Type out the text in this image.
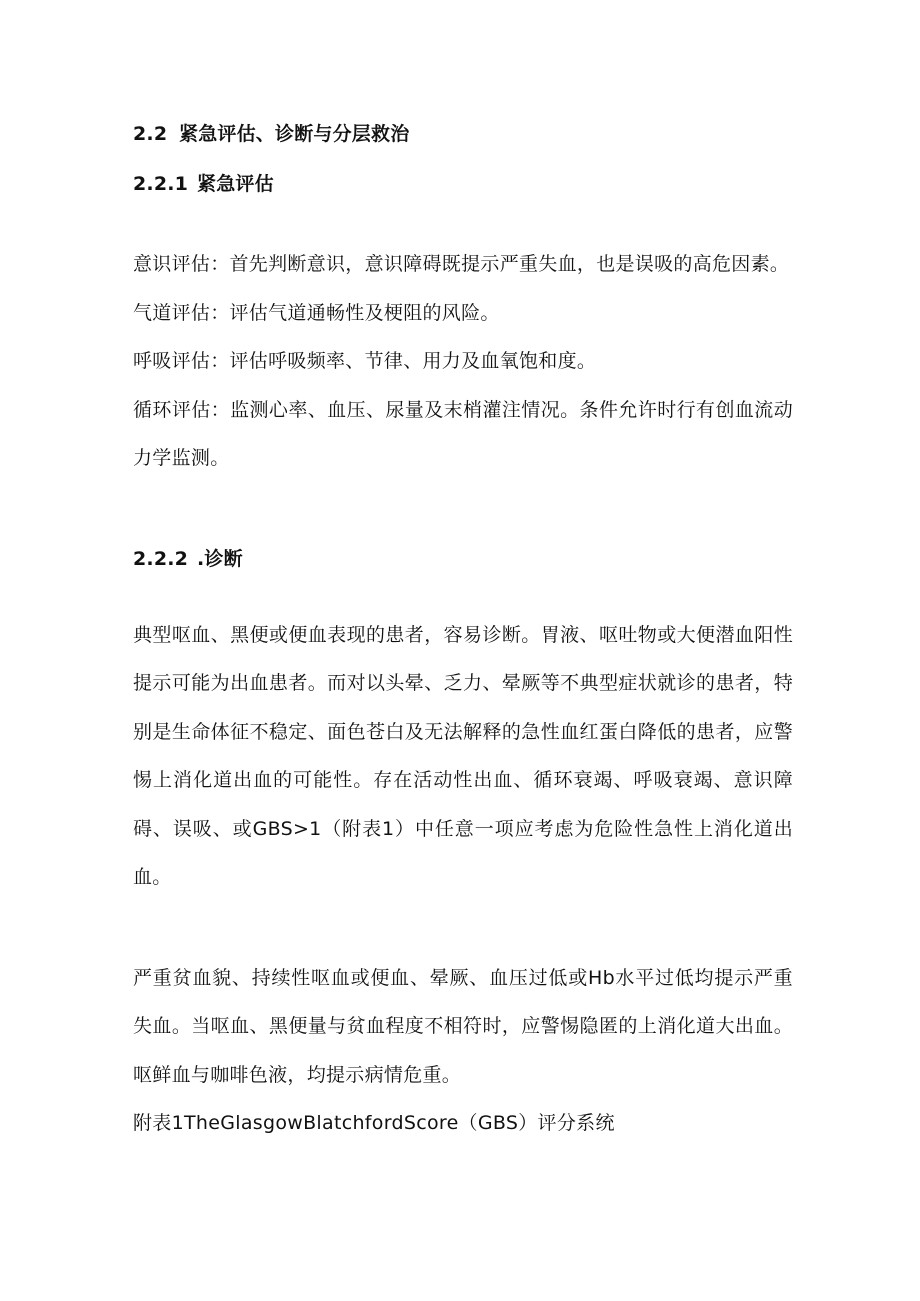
2.2 紧急评估、诊断与分层救治
2.2.1 紧急评估

意识评估：首先判断意识，意识障碍既提示严重失血，也是误吸的高危因素。

气道评估：评估气道通畅性及梗阻的风险。

呼吸评估：评估呼吸频率、节律、用力及血氧饱和度。

循环评估：监测心率、血压、尿量及末梢灌注情况。条件允许时行有创血流动力学监测。

2.2.2 .诊断

典型呕血、黑便或便血表现的患者，容易诊断。胃液、呕吐物或大便潜血阳性提示可能为出血患者。而对以头晕、乏力、晕厥等不典型症状就诊的患者，特别是生命体征不稳定、面色苍白及无法解释的急性血红蛋白降低的患者，应警惕上消化道出血的可能性。存在活动性出血、循环衰竭、呼吸衰竭、意识障碍、误吸、或GBS>1（附表1）中任意一项应考虑为危险性急性上消化道出血。

严重贫血貌、持续性呕血或便血、晕厥、血压过低或Hb水平过低均提示严重失血。当呕血、黑便量与贫血程度不相符时，应警惕隐匿的上消化道大出血。呕鲜血与咖啡色液，均提示病情危重。

附表1TheGlasgowBlatchfordScore（GBS）评分系统
